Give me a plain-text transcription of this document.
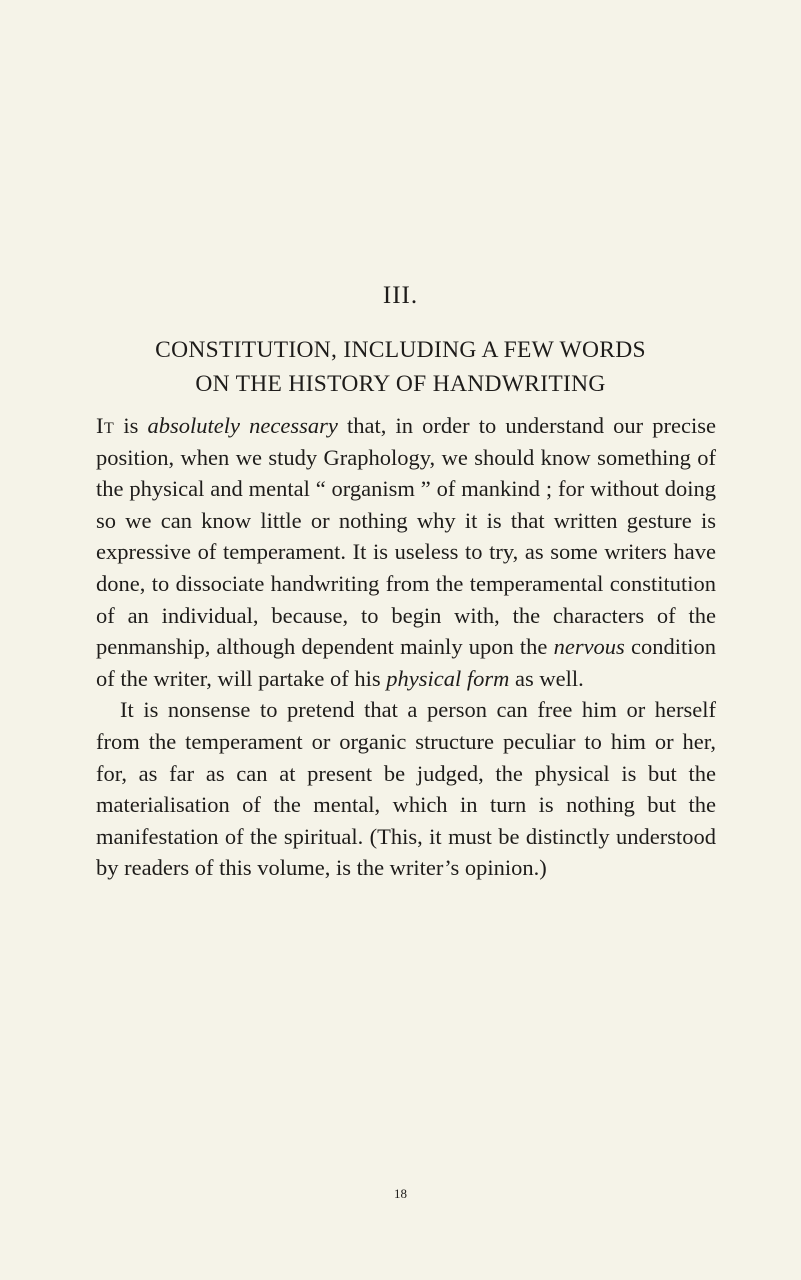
III.
CONSTITUTION, INCLUDING A FEW WORDS
ON THE HISTORY OF HANDWRITING

It is absolutely necessary that, in order to understand our precise position, when we study Graphology, we should know something of the physical and mental “ organism ” of mankind ; for without doing so we can know little or nothing why it is that written gesture is expressive of temperament. It is useless to try, as some writers have done, to dissociate handwriting from the temperamental constitution of an individual, because, to begin with, the characters of the penmanship, although dependent mainly upon the nervous condition of the writer, will partake of his physical form as well.

It is nonsense to pretend that a person can free him or herself from the temperament or organic structure peculiar to him or her, for, as far as can at present be judged, the physical is but the materialisation of the mental, which in turn is nothing but the manifestation of the spiritual. (This, it must be distinctly understood by readers of this volume, is the writer’s opinion.)

18
